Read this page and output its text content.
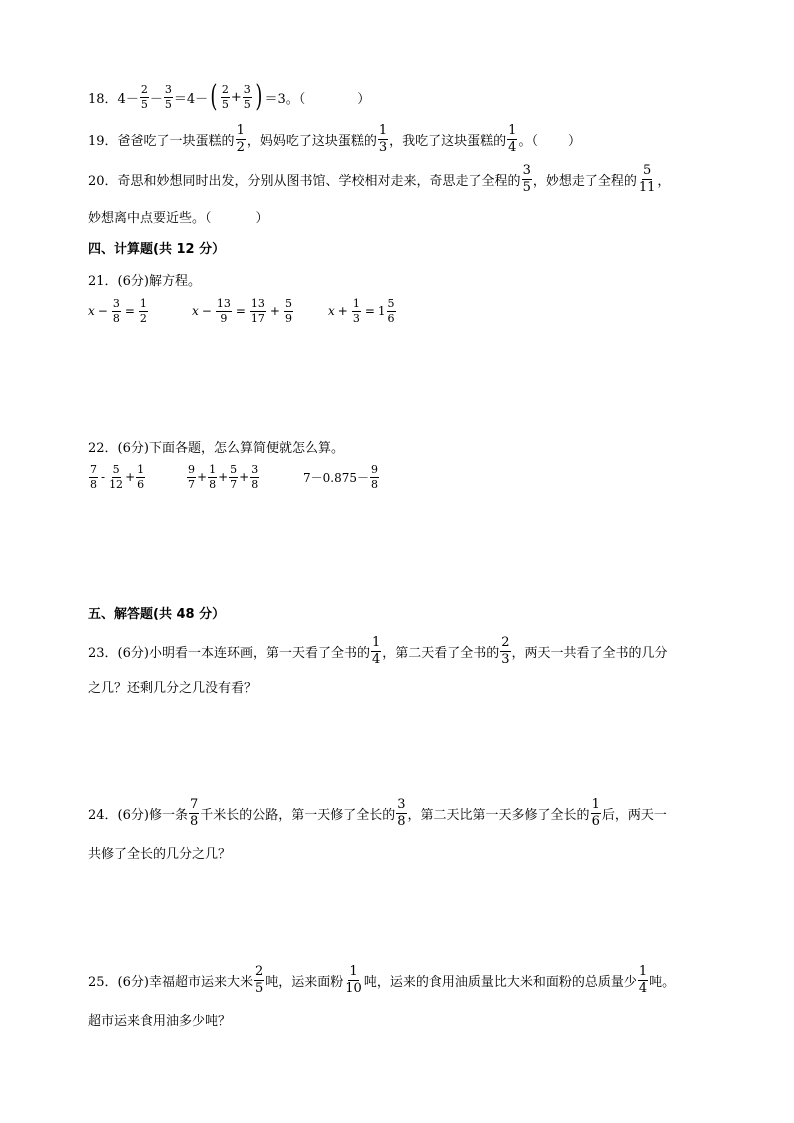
18． $4- \frac{2}{5} - \frac{3}{5} =4-$ ( $\frac{2}{5} + \frac{3}{5}$ ) ＝3。（	）
19． 爸爸吃了一块蛋糕的 $\frac{1}{2}$ ，妈妈吃了这块蛋糕的 $\frac{1}{3}$ ，我吃了这块蛋糕的 $\frac{1}{4}$ 。（ ）
20． 奇思和妙想同时出发，分别从图书馆、学校相对走来，奇思走了全程的 $\frac{3}{5}$ ，妙想走了全程的 $\frac{5}{11}$ ，
妙想离中点要近些。（	）
四、计算题(共 12 分）
21． (6分)解方程。
$x - \frac{3}{8} = \frac{1}{2}$	$x - \frac{13}{9} = \frac{13}{17} + \frac{5}{9}$	$x + \frac{1}{3} = 1 \frac{5}{6}$
22． (6分)下面各题，怎么算简便就怎么算。
$\frac{7}{8} - \frac{5}{12} + \frac{1}{6}$	$\frac{9}{7} + \frac{1}{8} + \frac{5}{7} + \frac{3}{8}$	$7-0.875- \frac{9}{8}$
五、解答题(共 48 分）
23． (6分)小明看一本连环画，第一天看了全书的 $\frac{1}{4}$ ，第二天看了全书的 $\frac{2}{3}$ ，两天一共看了全书的几分
之几？还剩几分之几没有看？
24． (6分)修一条 $\frac{7}{8}$ 千米长的公路，第一天修了全长的 $\frac{3}{8}$ ，第二天比第一天多修了全长的 $\frac{1}{6}$ 后，两天一
共修了全长的几分之几？
25． (6分)幸福超市运来大米 $\frac{2}{5}$ 吨，运来面粉 $\frac{1}{10}$ 吨，运来的食用油质量比大米和面粉的总质量少 $\frac{1}{4}$ 吨。
超市运来食用油多少吨？
